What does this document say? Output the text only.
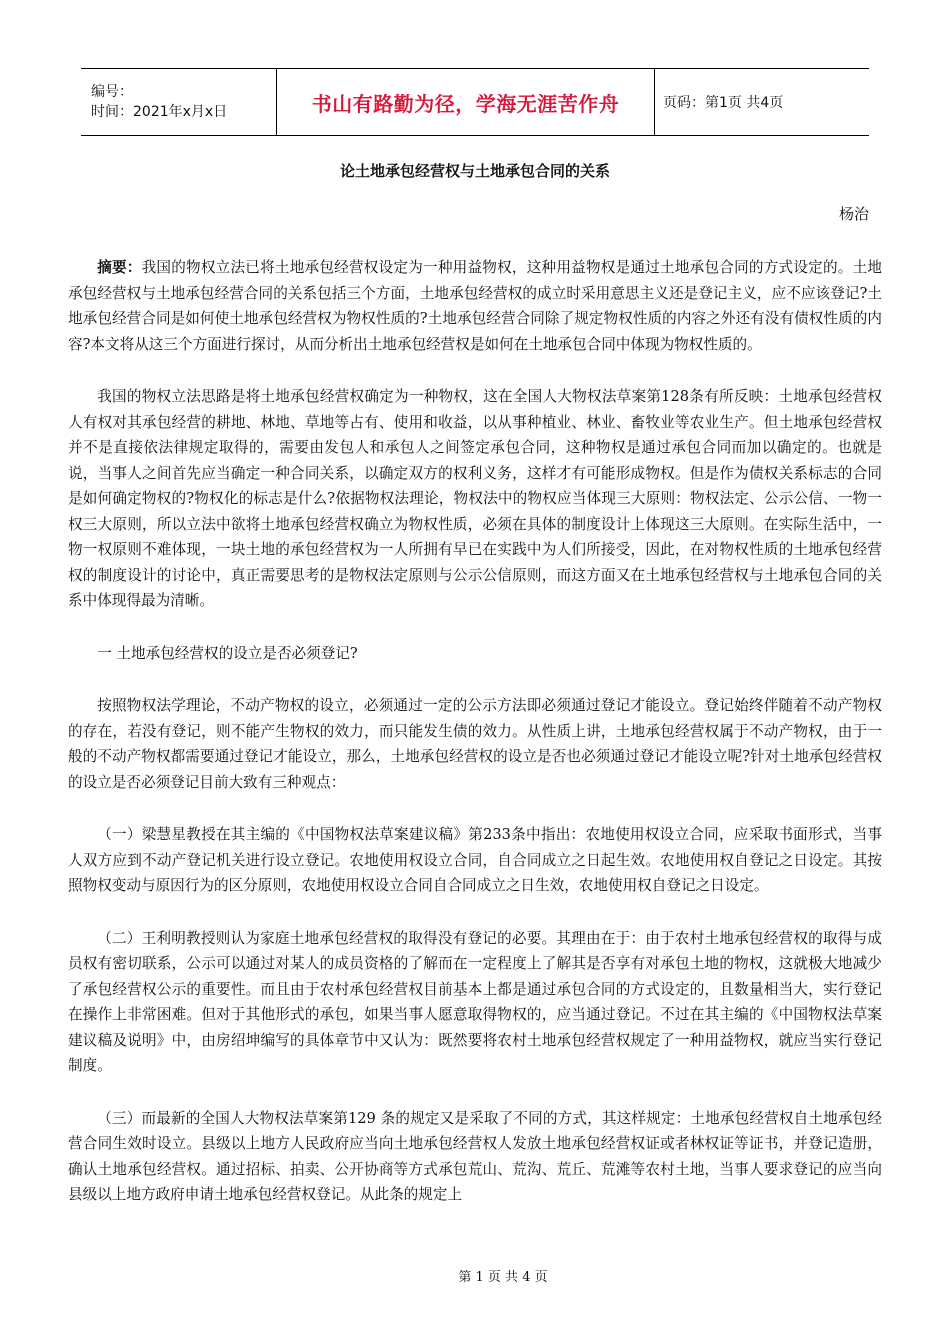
编号：
时间：2021年x月x日	书山有路勤为径，学海无涯苦作舟	页码：第1页 共4页
论土地承包经营权与土地承包合同的关系
杨治

摘要：我国的物权立法已将土地承包经营权设定为一种用益物权，这种用益物权是通过土地承包合同的方式设定的。土地承包经营权与土地承包经营合同的关系包括三个方面，土地承包经营权的成立时采用意思主义还是登记主义，应不应该登记?土地承包经营合同是如何使土地承包经营权为物权性质的?土地承包经营合同除了规定物权性质的内容之外还有没有债权性质的内容?本文将从这三个方面进行探讨，从而分析出土地承包经营权是如何在土地承包合同中体现为物权性质的。

我国的物权立法思路是将土地承包经营权确定为一种物权，这在全国人大物权法草案第128条有所反映：土地承包经营权人有权对其承包经营的耕地、林地、草地等占有、使用和收益，以从事种植业、林业、畜牧业等农业生产。但土地承包经营权并不是直接依法律规定取得的，需要由发包人和承包人之间签定承包合同，这种物权是通过承包合同而加以确定的。也就是说，当事人之间首先应当确定一种合同关系，以确定双方的权利义务，这样才有可能形成物权。但是作为债权关系标志的合同是如何确定物权的?物权化的标志是什么?依据物权法理论，物权法中的物权应当体现三大原则：物权法定、公示公信、一物一权三大原则，所以立法中欲将土地承包经营权确立为物权性质，必须在具体的制度设计上体现这三大原则。在实际生活中，一物一权原则不难体现，一块土地的承包经营权为一人所拥有早已在实践中为人们所接受，因此，在对物权性质的土地承包经营权的制度设计的讨论中，真正需要思考的是物权法定原则与公示公信原则，而这方面又在土地承包经营权与土地承包合同的关系中体现得最为清晰。

一 土地承包经营权的设立是否必须登记?

按照物权法学理论，不动产物权的设立，必须通过一定的公示方法即必须通过登记才能设立。登记始终伴随着不动产物权的存在，若没有登记，则不能产生物权的效力，而只能发生债的效力。从性质上讲，土地承包经营权属于不动产物权，由于一般的不动产物权都需要通过登记才能设立，那么，土地承包经营权的设立是否也必须通过登记才能设立呢?针对土地承包经营权的设立是否必须登记目前大致有三种观点：

（一）梁慧星教授在其主编的《中国物权法草案建议稿》第233条中指出：农地使用权设立合同，应采取书面形式，当事人双方应到不动产登记机关进行设立登记。农地使用权设立合同，自合同成立之日起生效。农地使用权自登记之日设定。其按照物权变动与原因行为的区分原则，农地使用权设立合同自合同成立之日生效，农地使用权自登记之日设定。

（二）王利明教授则认为家庭土地承包经营权的取得没有登记的必要。其理由在于：由于农村土地承包经营权的取得与成员权有密切联系，公示可以通过对某人的成员资格的了解而在一定程度上了解其是否享有对承包土地的物权，这就极大地减少了承包经营权公示的重要性。而且由于农村承包经营权目前基本上都是通过承包合同的方式设定的，且数量相当大，实行登记在操作上非常困难。但对于其他形式的承包，如果当事人愿意取得物权的，应当通过登记。不过在其主编的《中国物权法草案建议稿及说明》中，由房绍坤编写的具体章节中又认为：既然要将农村土地承包经营权规定了一种用益物权，就应当实行登记制度。

（三）而最新的全国人大物权法草案第129 条的规定又是采取了不同的方式，其这样规定：土地承包经营权自土地承包经营合同生效时设立。县级以上地方人民政府应当向土地承包经营权人发放土地承包经营权证或者林权证等证书，并登记造册，确认土地承包经营权。通过招标、拍卖、公开协商等方式承包荒山、荒沟、荒丘、荒滩等农村土地，当事人要求登记的应当向县级以上地方政府申请土地承包经营权登记。从此条的规定上

第 1 页 共 4 页
